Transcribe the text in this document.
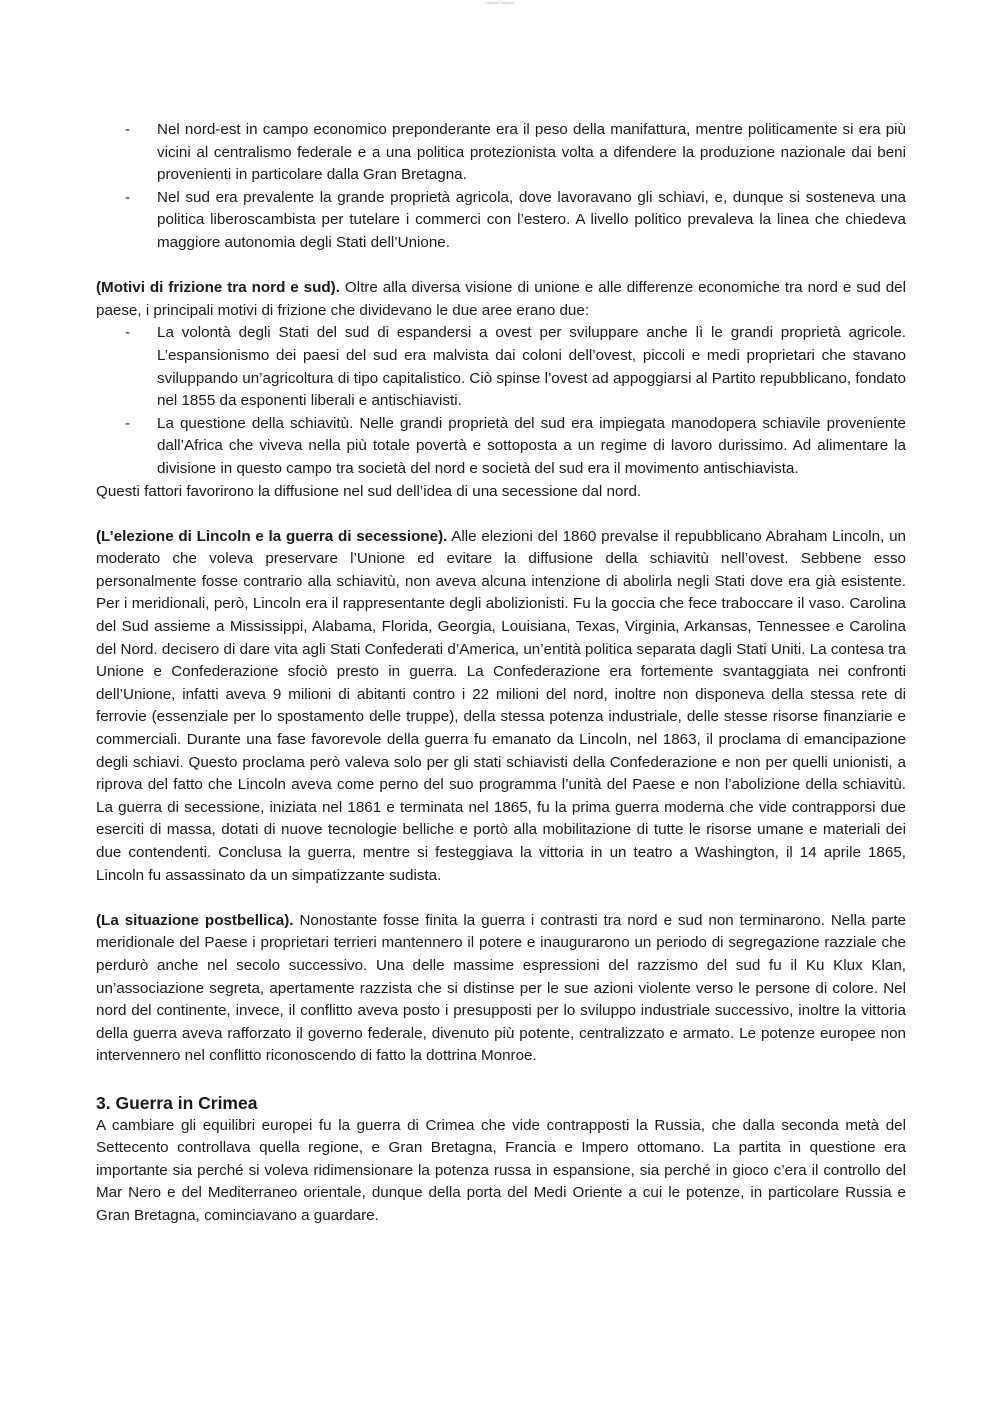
Hutchs Hatchet
- Nel nord-est in campo economico preponderante era il peso della manifattura, mentre politicamente si era più vicini al centralismo federale e a una politica protezionista volta a difendere la produzione nazionale dai beni provenienti in particolare dalla Gran Bretagna.
- Nel sud era prevalente la grande proprietà agricola, dove lavoravano gli schiavi, e, dunque si sosteneva una politica liberoscambista per tutelare i commerci con l’estero. A livello politico prevaleva la linea che chiedeva maggiore autonomia degli Stati dell’Unione.

(Motivi di frizione tra nord e sud). Oltre alla diversa visione di unione e alle differenze economiche tra nord e sud del paese, i principali motivi di frizione che dividevano le due aree erano due:

- La volontà degli Stati del sud di espandersi a ovest per sviluppare anche lì le grandi proprietà agricole. L’espansionismo dei paesi del sud era malvista dai coloni dell’ovest, piccoli e medi proprietari che stavano sviluppando un’agricoltura di tipo capitalistico. Ciò spinse l’ovest ad appoggiarsi al Partito repubblicano, fondato nel 1855 da esponenti liberali e antischiavisti.
- La questione della schiavitù. Nelle grandi proprietà del sud era impiegata manodopera schiavile proveniente dall’Africa che viveva nella più totale povertà e sottoposta a un regime di lavoro durissimo. Ad alimentare la divisione in questo campo tra società del nord e società del sud era il movimento antischiavista.

Questi fattori favorirono la diffusione nel sud dell’idea di una secessione dal nord.

(L’elezione di Lincoln e la guerra di secessione). Alle elezioni del 1860 prevalse il repubblicano Abraham Lincoln, un moderato che voleva preservare l’Unione ed evitare la diffusione della schiavitù nell’ovest. Sebbene esso personalmente fosse contrario alla schiavitù, non aveva alcuna intenzione di abolirla negli Stati dove era già esistente. Per i meridionali, però, Lincoln era il rappresentante degli abolizionisti. Fu la goccia che fece traboccare il vaso. Carolina del Sud assieme a Mississippi, Alabama, Florida, Georgia, Louisiana, Texas, Virginia, Arkansas, Tennessee e Carolina del Nord. decisero di dare vita agli Stati Confederati d’America, un’entità politica separata dagli Stati Uniti. La contesa tra Unione e Confederazione sfociò presto in guerra. La Confederazione era fortemente svantaggiata nei confronti dell’Unione, infatti aveva 9 milioni di abitanti contro i 22 milioni del nord, inoltre non disponeva della stessa rete di ferrovie (essenziale per lo spostamento delle truppe), della stessa potenza industriale, delle stesse risorse finanziarie e commerciali. Durante una fase favorevole della guerra fu emanato da Lincoln, nel 1863, il proclama di emancipazione degli schiavi. Questo proclama però valeva solo per gli stati schiavisti della Confederazione e non per quelli unionisti, a riprova del fatto che Lincoln aveva come perno del suo programma l’unità del Paese e non l’abolizione della schiavitù. La guerra di secessione, iniziata nel 1861 e terminata nel 1865, fu la prima guerra moderna che vide contrapporsi due eserciti di massa, dotati di nuove tecnologie belliche e portò alla mobilitazione di tutte le risorse umane e materiali dei due contendenti. Conclusa la guerra, mentre si festeggiava la vittoria in un teatro a Washington, il 14 aprile 1865, Lincoln fu assassinato da un simpatizzante sudista.

(La situazione postbellica). Nonostante fosse finita la guerra i contrasti tra nord e sud non terminarono. Nella parte meridionale del Paese i proprietari terrieri mantennero il potere e inaugurarono un periodo di segregazione razziale che perdurò anche nel secolo successivo. Una delle massime espressioni del razzismo del sud fu il Ku Klux Klan, un’associazione segreta, apertamente razzista che si distinse per le sue azioni violente verso le persone di colore. Nel nord del continente, invece, il conflitto aveva posto i presupposti per lo sviluppo industriale successivo, inoltre la vittoria della guerra aveva rafforzato il governo federale, divenuto più potente, centralizzato e armato. Le potenze europee non intervennero nel conflitto riconoscendo di fatto la dottrina Monroe.

3. Guerra in Crimea

A cambiare gli equilibri europei fu la guerra di Crimea che vide contrapposti la Russia, che dalla seconda metà del Settecento controllava quella regione, e Gran Bretagna, Francia e Impero ottomano. La partita in questione era importante sia perché si voleva ridimensionare la potenza russa in espansione, sia perché in gioco c’era il controllo del Mar Nero e del Mediterraneo orientale, dunque della porta del Medi Oriente a cui le potenze, in particolare Russia e Gran Bretagna, cominciavano a guardare.
